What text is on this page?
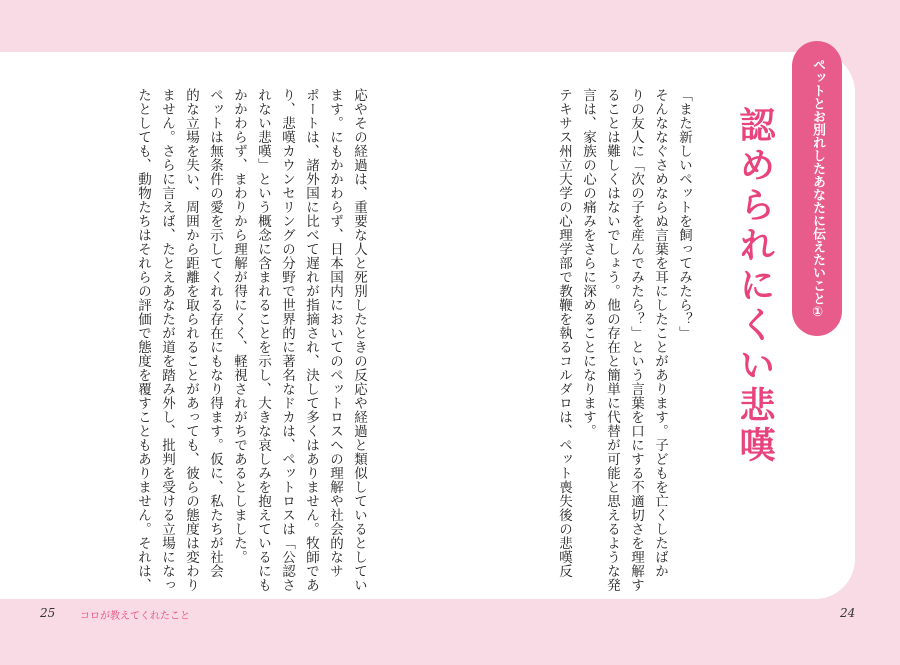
ペットとお別れしたあなたに伝えたいこと①
認められにくい悲嘆
「また新しいペットを飼ってみたら？」
そんななぐさめならぬ言葉を耳にしたことがあります。子どもを亡くしたばか
りの友人に「次の子を産んでみたら？」という言葉を口にする不適切さを理解す
ることは難しくはないでしょう。他の存在と簡単に代替が可能と思えるような発
言は、家族の心の痛みをさらに深めることになります。
テキサス州立大学の心理学部で教鞭を執るコルダロは、ペット喪失後の悲嘆反
応やその経過は、重要な人と死別したときの反応や経過と類似しているとしてい
ます。にもかかわらず、日本国内においてのペットロスへの理解や社会的なサ
ポートは、諸外国に比べて遅れが指摘され、決して多くはありません。牧師であ
り、悲嘆カウンセリングの分野で世界的に著名なドカは、ペットロスは「公認さ
れない悲嘆」という概念に含まれることを示し、大きな哀しみを抱えているにも
かかわらず、まわりから理解が得にくく、軽視されがちであるとしました。
ペットは無条件の愛を示してくれる存在にもなり得ます。仮に、私たちが社会
的な立場を失い、周囲から距離を取られることがあっても、彼らの態度は変わり
ません。さらに言えば、たとえあなたが道を踏み外し、批判を受ける立場になっ
たとしても、動物たちはそれらの評価で態度を覆すこともありません。それは、
25 コロが教えてくれたこと	24
